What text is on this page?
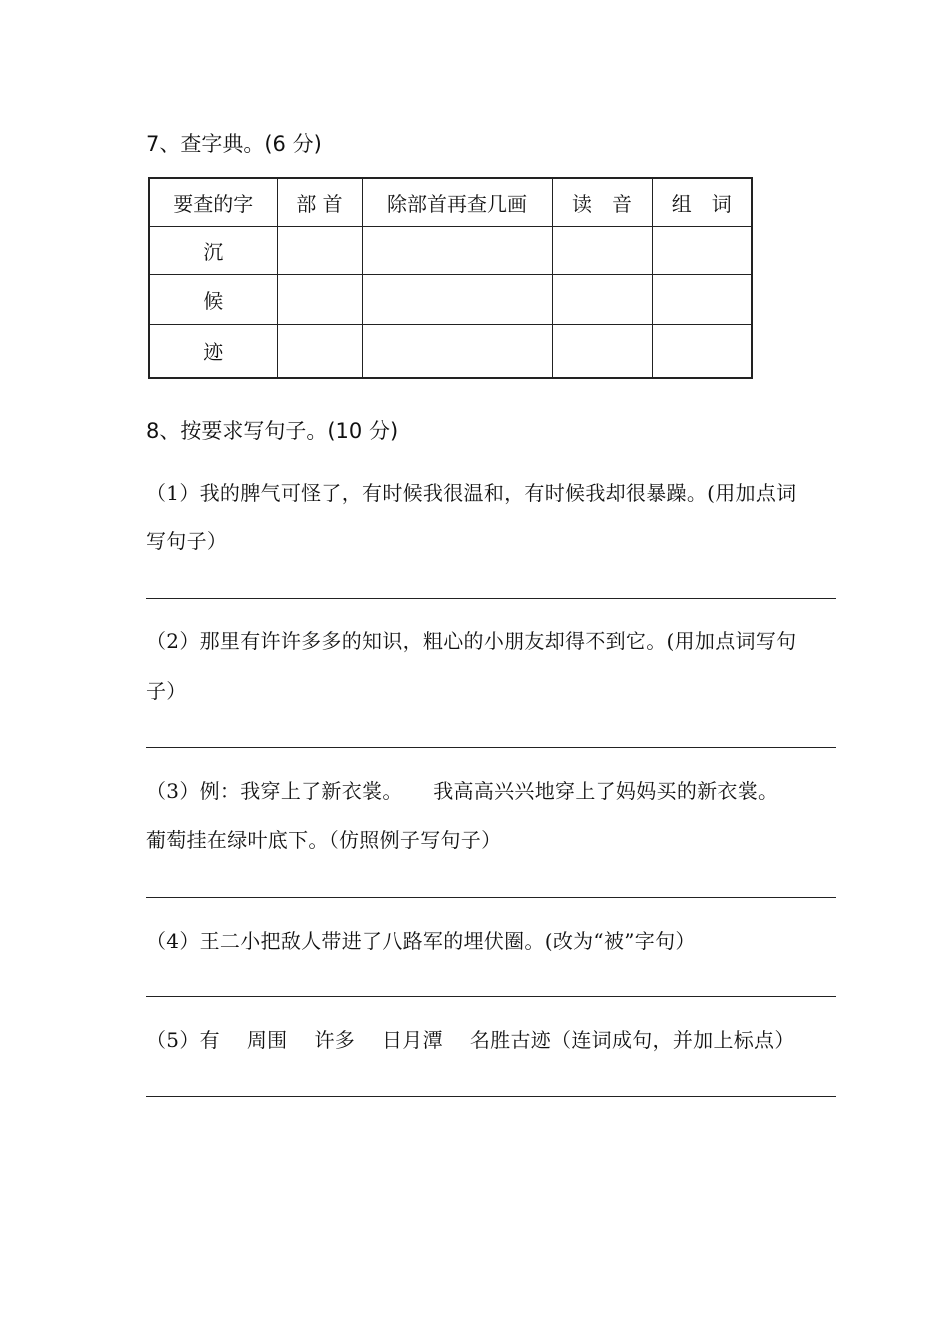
7、查字典。(6 分)
要查的字	部 首	除部首再查几画	读　音	组　词
沉				
候				
迹				
8、按要求写句子。(10 分)
（1）我的脾气可怪了，有时候我很温和，有时候我却很暴躁。(用加点词
写句子）
（2）那里有许许多多的知识，粗心的小朋友却得不到它。(用加点词写句
子）
（3）例：我穿上了新衣裳。　　我高高兴兴地穿上了妈妈买的新衣裳。
葡萄挂在绿叶底下。（仿照例子写句子）
（4）王二小把敌人带进了八路军的埋伏圈。(改为“被”字句）
（5）有　 周围　 许多　 日月潭　 名胜古迹（连词成句，并加上标点）
